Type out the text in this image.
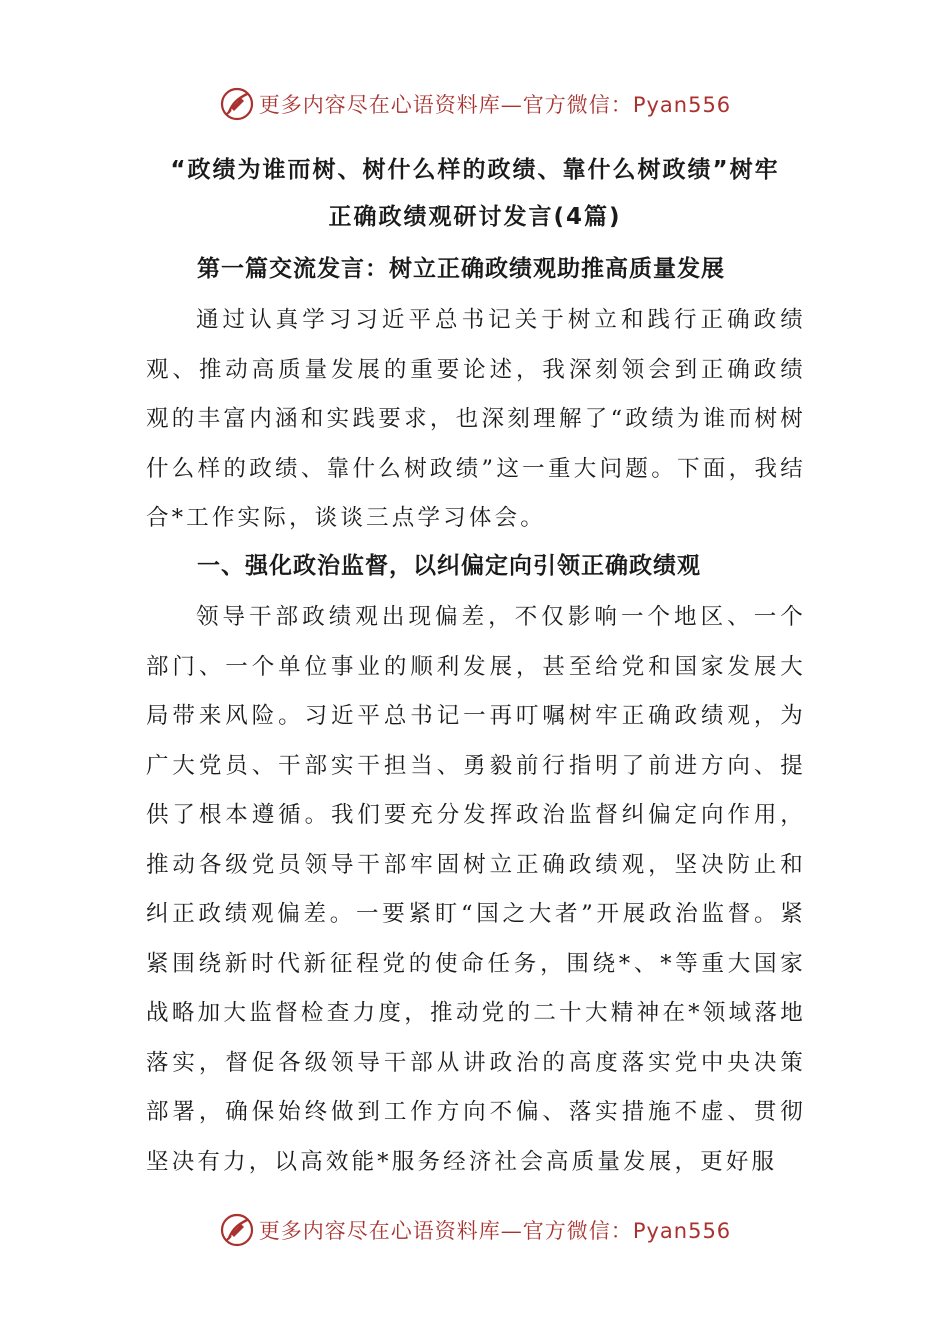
更多内容尽在心语资料库—官方微信：Pyan556
“政绩为谁而树、树什么样的政绩、靠什么树政绩”树牢
正确政绩观研讨发言(4篇)
第一篇交流发言：树立正确政绩观助推高质量发展

通过认真学习习近平总书记关于树立和践行正确政绩观、推动高质量发展的重要论述，我深刻领会到正确政绩观的丰富内涵和实践要求，也深刻理解了“政绩为谁而树树什么样的政绩、靠什么树政绩”这一重大问题。下面，我结合*工作实际，谈谈三点学习体会。

一、强化政治监督，以纠偏定向引领正确政绩观

领导干部政绩观出现偏差，不仅影响一个地区、一个部门、一个单位事业的顺利发展，甚至给党和国家发展大局带来风险。习近平总书记一再叮嘱树牢正确政绩观，为广大党员、干部实干担当、勇毅前行指明了前进方向、提供了根本遵循。我们要充分发挥政治监督纠偏定向作用，推动各级党员领导干部牢固树立正确政绩观，坚决防止和纠正政绩观偏差。一要紧盯“国之大者”开展政治监督。紧紧围绕新时代新征程党的使命任务，围绕*、*等重大国家战略加大监督检查力度，推动党的二十大精神在*领域落地落实，督促各级领导干部从讲政治的高度落实党中央决策部署，确保始终做到工作方向不偏、落实措施不虚、贯彻坚决有力，以高效能*服务经济社会高质量发展，更好服

更多内容尽在心语资料库—官方微信：Pyan556
